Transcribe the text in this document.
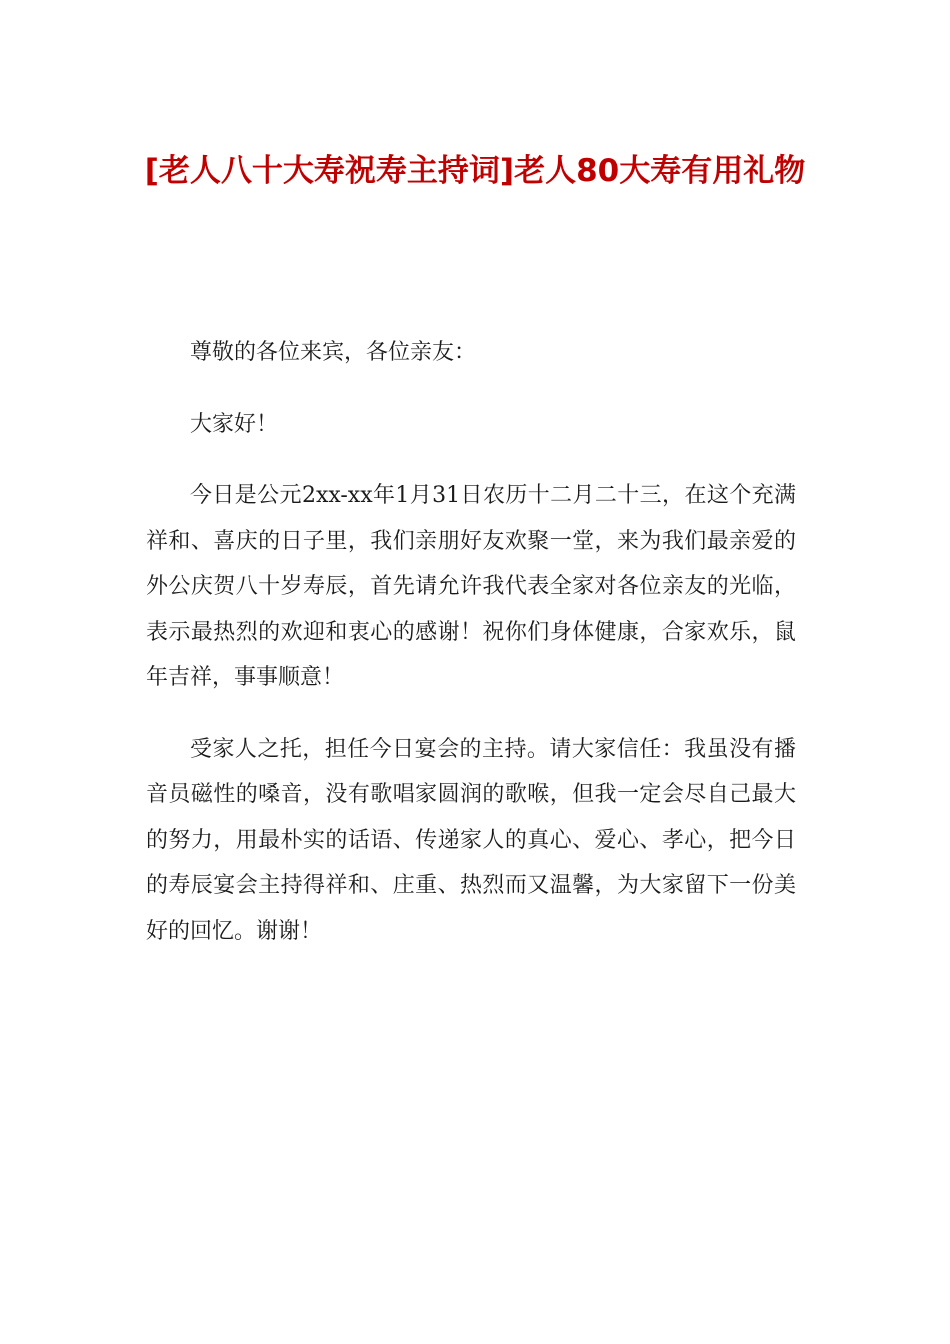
[老人八十大寿祝寿主持词]老人80大寿有用礼物

尊敬的各位来宾，各位亲友：

大家好！

今日是公元2xx-xx年1月31日农历十二月二十三，在这个充满祥和、喜庆的日子里，我们亲朋好友欢聚一堂，来为我们最亲爱的外公庆贺八十岁寿辰，首先请允许我代表全家对各位亲友的光临，表示最热烈的欢迎和衷心的感谢！祝你们身体健康，合家欢乐，鼠年吉祥，事事顺意！

受家人之托，担任今日宴会的主持。请大家信任：我虽没有播音员磁性的嗓音，没有歌唱家圆润的歌喉，但我一定会尽自己最大的努力，用最朴实的话语、传递家人的真心、爱心、孝心，把今日的寿辰宴会主持得祥和、庄重、热烈而又温馨，为大家留下一份美好的回忆。谢谢！
